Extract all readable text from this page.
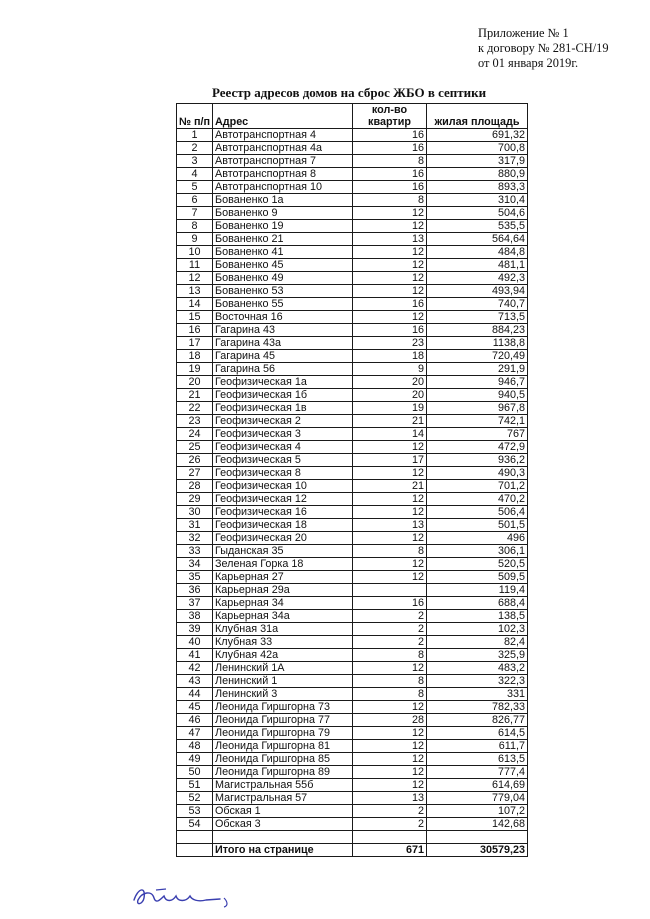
Приложение № 1
к договору № 281-СН/19
от 01 января 2019г.
Реестр адресов домов на сброс ЖБО в септики
№ п/п	Адрес	кол-во квартир	жилая площадь
1	Автотранспортная 4	16	691,32
2	Автотранспортная 4а	16	700,8
3	Автотранспортная 7	8	317,9
4	Автотранспортная 8	16	880,9
5	Автотранспортная 10	16	893,3
6	Бованенко 1а	8	310,4
7	Бованенко 9	12	504,6
8	Бованенко 19	12	535,5
9	Бованенко 21	13	564,64
10	Бованенко 41	12	484,8
11	Бованенко 45	12	481,1
12	Бованенко 49	12	492,3
13	Бованенко 53	12	493,94
14	Бованенко 55	16	740,7
15	Восточная 16	12	713,5
16	Гагарина 43	16	884,23
17	Гагарина 43а	23	1138,8
18	Гагарина 45	18	720,49
19	Гагарина 56	9	291,9
20	Геофизическая 1а	20	946,7
21	Геофизическая 1б	20	940,5
22	Геофизическая 1в	19	967,8
23	Геофизическая 2	21	742,1
24	Геофизическая 3	14	767
25	Геофизическая 4	12	472,9
26	Геофизическая 5	17	936,2
27	Геофизическая 8	12	490,3
28	Геофизическая 10	21	701,2
29	Геофизическая 12	12	470,2
30	Геофизическая 16	12	506,4
31	Геофизическая 18	13	501,5
32	Геофизическая 20	12	496
33	Гыданская 35	8	306,1
34	Зеленая Горка 18	12	520,5
35	Карьерная 27	12	509,5
36	Карьерная 29а		119,4
37	Карьерная 34	16	688,4
38	Карьерная 34а	2	138,5
39	Клубная 31а	2	102,3
40	Клубная 33	2	82,4
41	Клубная 42а	8	325,9
42	Ленинский 1А	12	483,2
43	Ленинский 1	8	322,3
44	Ленинский 3	8	331
45	Леонида Гиршгорна 73	12	782,33
46	Леонида Гиршгорна 77	28	826,77
47	Леонида Гиршгорна 79	12	614,5
48	Леонида Гиршгорна 81	12	611,7
49	Леонида Гиршгорна 85	12	613,5
50	Леонида Гиршгорна 89	12	777,4
51	Магистральная 55б	12	614,69
52	Магистральная 57	13	779,04
53	Обская 1	2	107,2
54	Обская 3	2	142,68

	Итого на странице	671	30579,23
